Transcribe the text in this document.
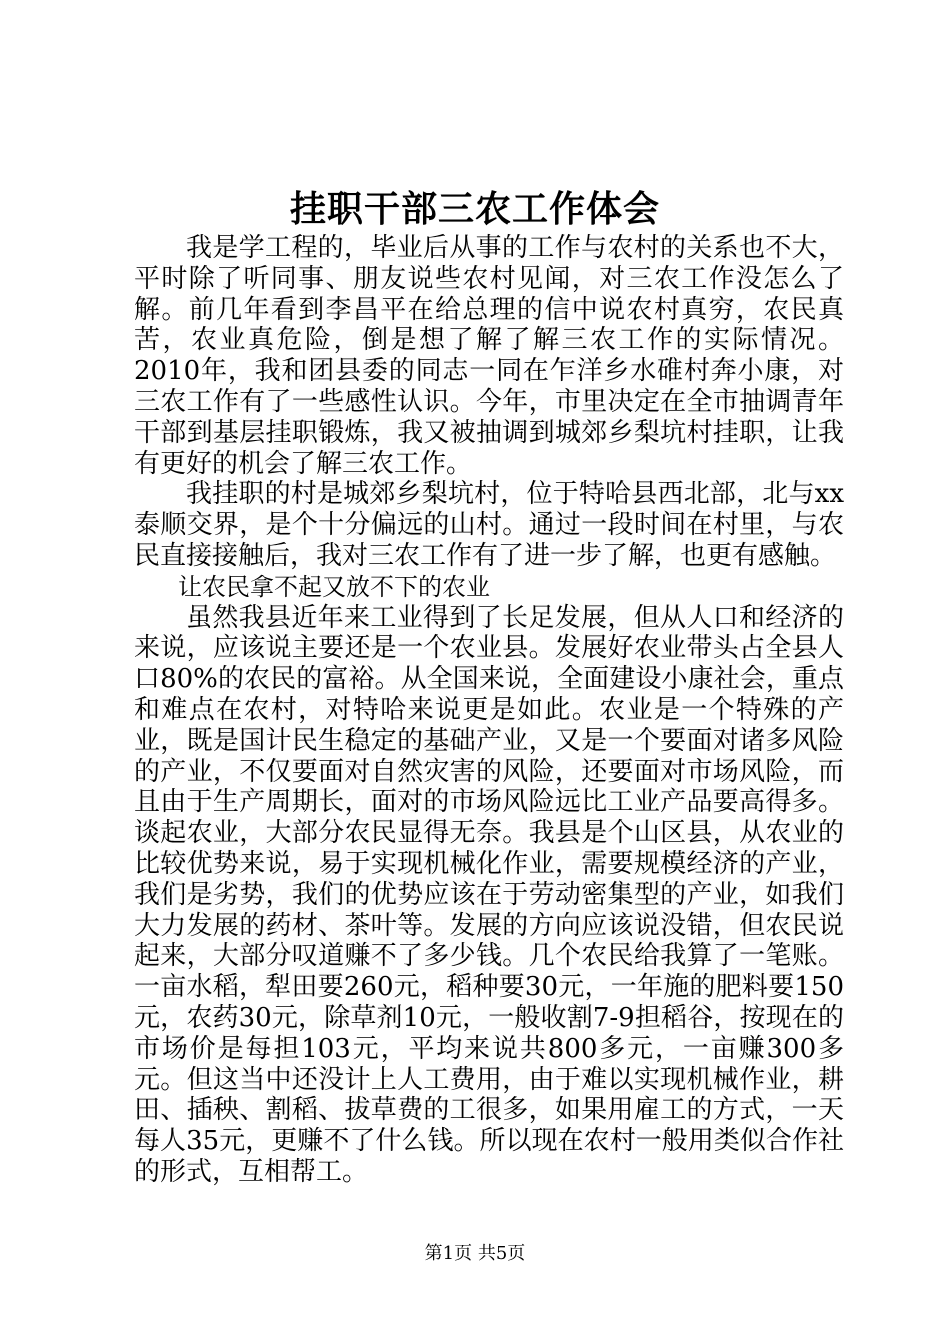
挂职干部三农工作体会

我是学工程的，毕业后从事的工作与农村的关系也不大，平时除了听同事、朋友说些农村见闻，对三农工作没怎么了解。前几年看到李昌平在给总理的信中说农村真穷，农民真苦，农业真危险，倒是想了解了解三农工作的实际情况。2010年，我和团县委的同志一同在乍洋乡水碓村奔小康，对三农工作有了一些感性认识。今年，市里决定在全市抽调青年干部到基层挂职锻炼，我又被抽调到城郊乡梨坑村挂职，让我有更好的机会了解三农工作。

我挂职的村是城郊乡梨坑村，位于特哈县西北部，北与xx泰顺交界，是个十分偏远的山村。通过一段时间在村里，与农民直接接触后，我对三农工作有了进一步了解，也更有感触。

让农民拿不起又放不下的农业

虽然我县近年来工业得到了长足发展，但从人口和经济的来说，应该说主要还是一个农业县。发展好农业带头占全县人口80%的农民的富裕。从全国来说，全面建设小康社会，重点和难点在农村，对特哈来说更是如此。农业是一个特殊的产业，既是国计民生稳定的基础产业，又是一个要面对诸多风险的产业，不仅要面对自然灾害的风险，还要面对市场风险，而且由于生产周期长，面对的市场风险远比工业产品要高得多。谈起农业，大部分农民显得无奈。我县是个山区县，从农业的比较优势来说，易于实现机械化作业，需要规模经济的产业，我们是劣势，我们的优势应该在于劳动密集型的产业，如我们大力发展的药材、茶叶等。发展的方向应该说没错，但农民说起来，大部分叹道赚不了多少钱。几个农民给我算了一笔账。一亩水稻，犁田要260元，稻种要30元，一年施的肥料要150元，农药30元，除草剂10元，一般收割7-9担稻谷，按现在的市场价是每担103元，平均来说共800多元，一亩赚300多元。但这当中还没计上人工费用，由于难以实现机械作业，耕田、插秧、割稻、拔草费的工很多，如果用雇工的方式，一天每人35元，更赚不了什么钱。所以现在农村一般用类似合作社的形式，互相帮工。

第1页 共5页
